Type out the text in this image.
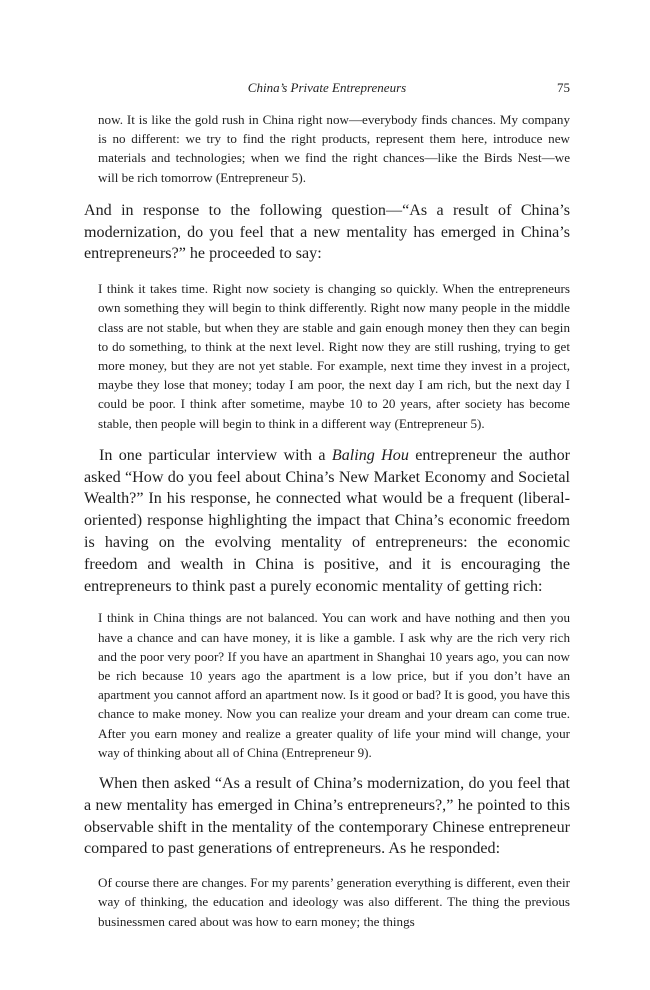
China’s Private Entrepreneurs	75

now. It is like the gold rush in China right now—everybody finds chances. My company is no different: we try to find the right products, represent them here, introduce new materials and technologies; when we find the right chances—like the Birds Nest—we will be rich tomorrow (Entrepreneur 5).

And in response to the following question—“As a result of China’s modernization, do you feel that a new mentality has emerged in China’s entrepreneurs?” he proceeded to say:

I think it takes time. Right now society is changing so quickly. When the entrepreneurs own something they will begin to think differently. Right now many people in the middle class are not stable, but when they are stable and gain enough money then they can begin to do something, to think at the next level. Right now they are still rushing, trying to get more money, but they are not yet stable. For example, next time they invest in a project, maybe they lose that money; today I am poor, the next day I am rich, but the next day I could be poor. I think after sometime, maybe 10 to 20 years, after society has become stable, then people will begin to think in a different way (Entrepreneur 5).

In one particular interview with a Baling Hou entrepreneur the author asked “How do you feel about China’s New Market Economy and Societal Wealth?” In his response, he connected what would be a frequent (liberal-oriented) response highlighting the impact that China’s economic freedom is having on the evolving mentality of entrepreneurs: the economic freedom and wealth in China is positive, and it is encouraging the entrepreneurs to think past a purely economic mentality of getting rich:

I think in China things are not balanced. You can work and have nothing and then you have a chance and can have money, it is like a gamble. I ask why are the rich very rich and the poor very poor? If you have an apartment in Shanghai 10 years ago, you can now be rich because 10 years ago the apartment is a low price, but if you don’t have an apartment you cannot afford an apartment now. Is it good or bad? It is good, you have this chance to make money. Now you can realize your dream and your dream can come true. After you earn money and realize a greater quality of life your mind will change, your way of thinking about all of China (Entrepreneur 9).

When then asked “As a result of China’s modernization, do you feel that a new mentality has emerged in China’s entrepreneurs?,” he pointed to this observable shift in the mentality of the contemporary Chinese entrepreneur compared to past generations of entrepreneurs. As he responded:

Of course there are changes. For my parents’ generation everything is different, even their way of thinking, the education and ideology was also different. The thing the previous businessmen cared about was how to earn money; the things
